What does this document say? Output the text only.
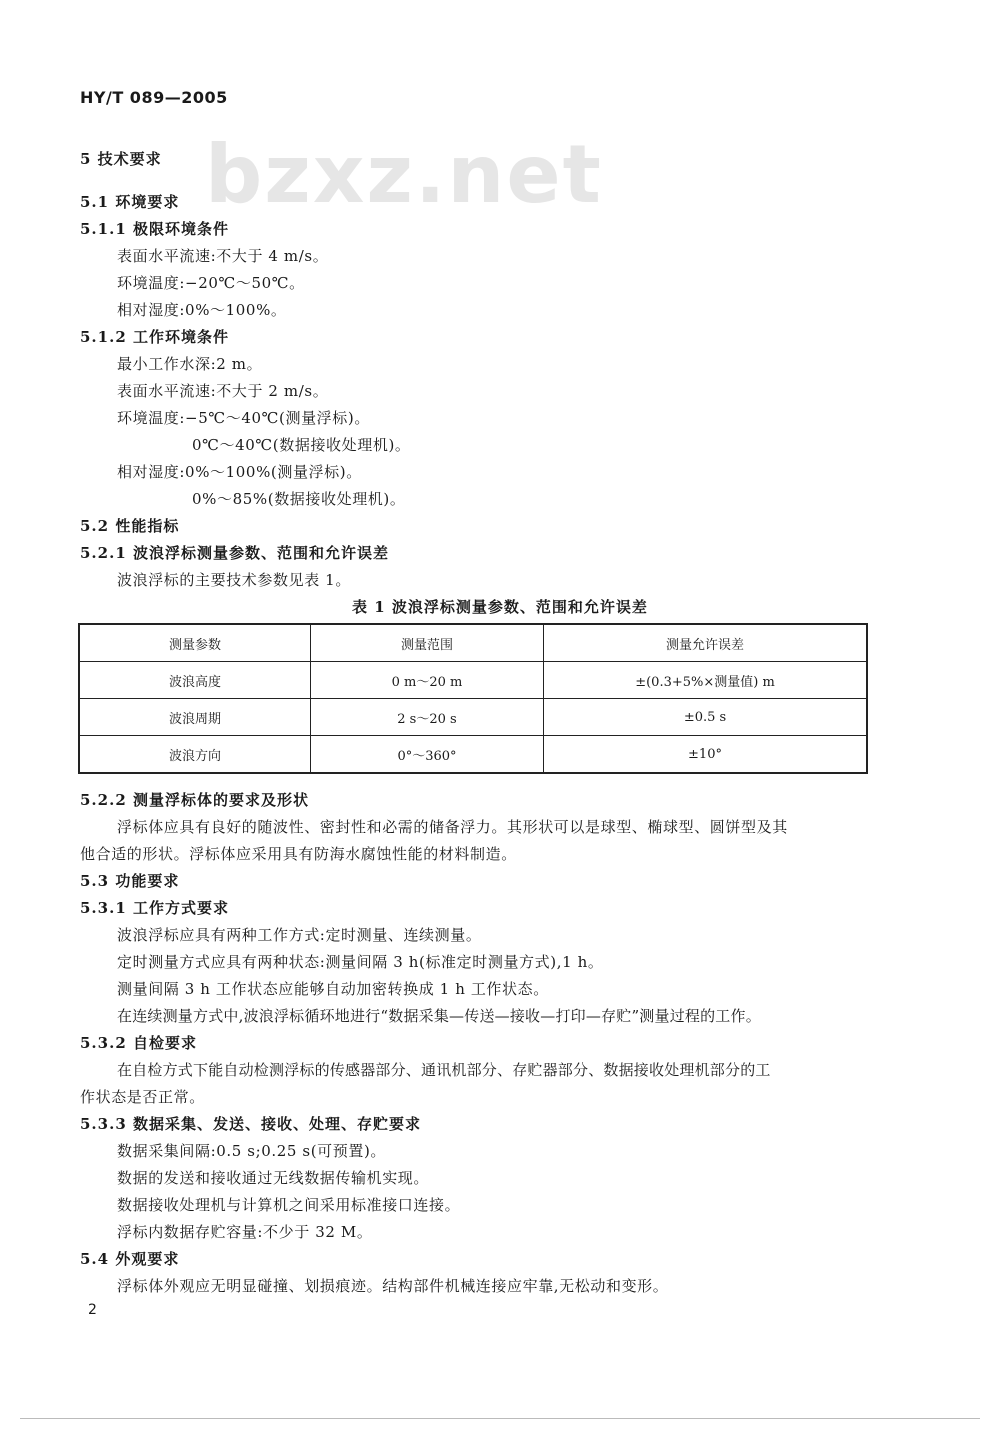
HY/T 089—2005
bzxz.net
5 技术要求
5.1 环境要求
5.1.1 极限环境条件
表面水平流速:不大于 4 m/s。
环境温度:−20℃～50℃。
相对湿度:0%～100%。
5.1.2 工作环境条件
最小工作水深:2 m。
表面水平流速:不大于 2 m/s。
环境温度:−5℃～40℃(测量浮标)。
0℃～40℃(数据接收处理机)。
相对湿度:0%～100%(测量浮标)。
0%～85%(数据接收处理机)。
5.2 性能指标
5.2.1 波浪浮标测量参数、范围和允许误差
波浪浮标的主要技术参数见表 1。
表 1 波浪浮标测量参数、范围和允许误差
测量参数	测量范围	测量允许误差
波浪高度	0 m～20 m	±(0.3+5%×测量值) m
波浪周期	2 s～20 s	±0.5 s
波浪方向	0°～360°	±10°
5.2.2 测量浮标体的要求及形状
浮标体应具有良好的随波性、密封性和必需的储备浮力。其形状可以是球型、椭球型、圆饼型及其
他合适的形状。浮标体应采用具有防海水腐蚀性能的材料制造。
5.3 功能要求
5.3.1 工作方式要求
波浪浮标应具有两种工作方式:定时测量、连续测量。
定时测量方式应具有两种状态:测量间隔 3 h(标准定时测量方式),1 h。
测量间隔 3 h 工作状态应能够自动加密转换成 1 h 工作状态。
在连续测量方式中,波浪浮标循环地进行“数据采集—传送—接收—打印—存贮”测量过程的工作。
5.3.2 自检要求
在自检方式下能自动检测浮标的传感器部分、通讯机部分、存贮器部分、数据接收处理机部分的工
作状态是否正常。
5.3.3 数据采集、发送、接收、处理、存贮要求
数据采集间隔:0.5 s;0.25 s(可预置)。
数据的发送和接收通过无线数据传输机实现。
数据接收处理机与计算机之间采用标准接口连接。
浮标内数据存贮容量:不少于 32 M。
5.4 外观要求
浮标体外观应无明显碰撞、划损痕迹。结构部件机械连接应牢靠,无松动和变形。
2
